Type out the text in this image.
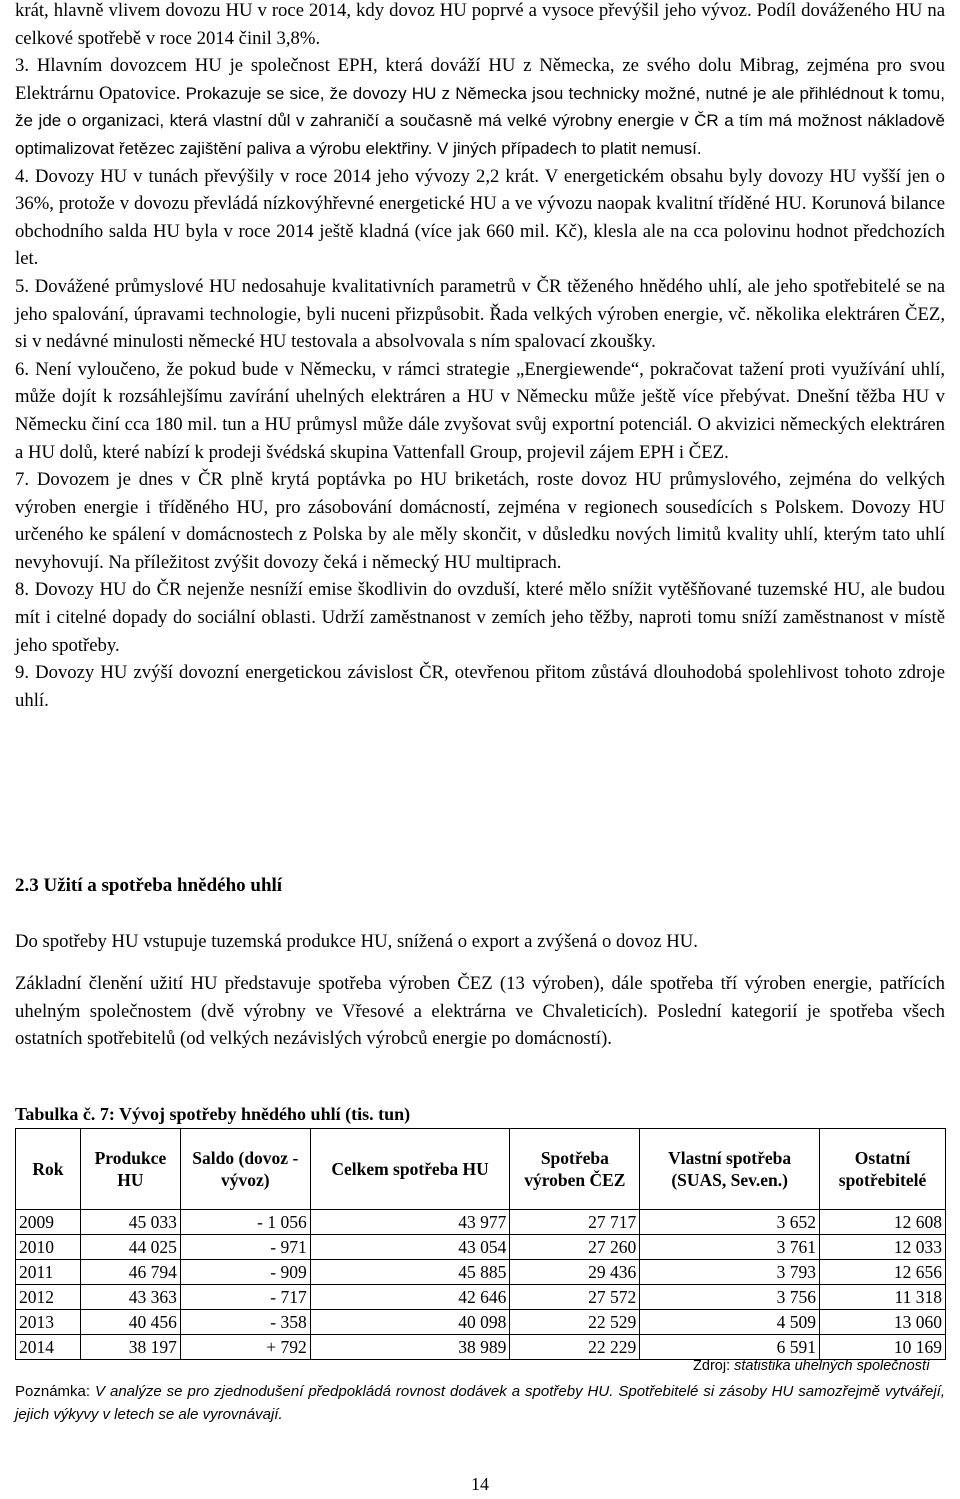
krát, hlavně vlivem dovozu HU v roce 2014, kdy dovoz HU poprvé a vysoce převýšil jeho vývoz. Podíl dováženého HU na celkové spotřebě v roce 2014 činil 3,8%.

3. Hlavním dovozcem HU je společnost EPH, která dováží HU z Německa, ze svého dolu Mibrag, zejména pro svou Elektrárnu Opatovice. Prokazuje se sice, že dovozy HU z Německa jsou technicky možné, nutné je ale přihlédnout k tomu, že jde o organizaci, která vlastní důl v zahraničí a současně má velké výrobny energie v ČR a tím má možnost nákladově optimalizovat řetězec zajištění paliva a výrobu elektřiny. V jiných případech to platit nemusí.

4. Dovozy HU v tunách převýšily v roce 2014 jeho vývozy 2,2 krát. V energetickém obsahu byly dovozy HU vyšší jen o 36%, protože v dovozu převládá nízkovýhřevné energetické HU a ve vývozu naopak kvalitní tříděné HU. Korunová bilance obchodního salda HU byla v roce 2014 ještě kladná (více jak 660 mil. Kč), klesla ale na cca polovinu hodnot předchozích let.

5. Dovážené průmyslové HU nedosahuje kvalitativních parametrů v ČR těženého hnědého uhlí, ale jeho spotřebitelé se na jeho spalování, úpravami technologie, byli nuceni přizpůsobit. Řada velkých výroben energie, vč. několika elektráren ČEZ, si v nedávné minulosti německé HU testovala a absolvovala s ním spalovací zkoušky.

6. Není vyloučeno, že pokud bude v Německu, v rámci strategie „Energiewende“, pokračovat tažení proti využívání uhlí, může dojít k rozsáhlejšímu zavírání uhelných elektráren a HU v Německu může ještě více přebývat. Dnešní těžba HU v Německu činí cca 180 mil. tun a HU průmysl může dále zvyšovat svůj exportní potenciál. O akvizici německých elektráren a HU dolů, které nabízí k prodeji švédská skupina Vattenfall Group, projevil zájem EPH i ČEZ.

7. Dovozem je dnes v ČR plně krytá poptávka po HU briketách, roste dovoz HU průmyslového, zejména do velkých výroben energie i tříděného HU, pro zásobování domácností, zejména v regionech sousedících s Polskem. Dovozy HU určeného ke spálení v domácnostech z Polska by ale měly skončit, v důsledku nových limitů kvality uhlí, kterým tato uhlí nevyhovují. Na příležitost zvýšit dovozy čeká i německý HU multiprach.

8. Dovozy HU do ČR nejenže nesníží emise škodlivin do ovzduší, které mělo snížit vytěšňované tuzemské HU, ale budou mít i citelné dopady do sociální oblasti. Udrží zaměstnanost v zemích jeho těžby, naproti tomu sníží zaměstnanost v místě jeho spotřeby.

9. Dovozy HU zvýší dovozní energetickou závislost ČR, otevřenou přitom zůstává dlouhodobá spolehlivost tohoto zdroje uhlí.

2.3 Užití a spotřeba hnědého uhlí

Do spotřeby HU vstupuje tuzemská produkce HU, snížená o export a zvýšená o dovoz HU.

Základní členění užití HU představuje spotřeba výroben ČEZ (13 výroben), dále spotřeba tří výroben energie, patřících uhelným společnostem (dvě výrobny ve Vřesové a elektrárna ve Chvaleticích). Poslední kategorií je spotřeba všech ostatních spotřebitelů (od velkých nezávislých výrobců energie po domácností).

Tabulka č. 7: Vývoj spotřeby hnědého uhlí (tis. tun)

Rok	Produkce HU	Saldo (dovoz - vývoz)	Celkem spotřeba HU	Spotřeba výroben ČEZ	Vlastní spotřeba (SUAS, Sev.en.)	Ostatní spotřebitelé
2009	45 033	- 1 056	43 977	27 717	3 652	12 608
2010	44 025	- 971	43 054	27 260	3 761	12 033
2011	46 794	- 909	45 885	29 436	3 793	12 656
2012	43 363	- 717	42 646	27 572	3 756	11 318
2013	40 456	- 358	40 098	22 529	4 509	13 060
2014	38 197	+ 792	38 989	22 229	6 591	10 169
Zdroj: statistika uhelných společností
Poznámka: V analýze se pro zjednodušení předpokládá rovnost dodávek a spotřeby HU. Spotřebitelé si zásoby HU samozřejmě vytvářejí, jejich výkyvy v letech se ale vyrovnávají.
14
